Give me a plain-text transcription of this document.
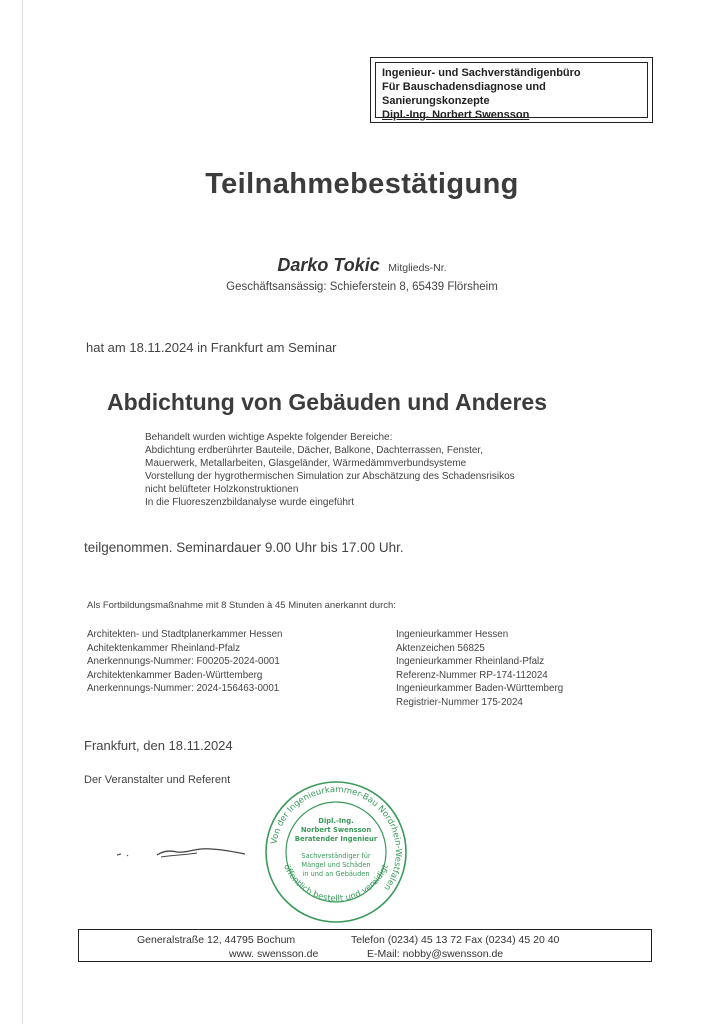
Ingenieur- und Sachverständigenbüro
Für Bauschadensdiagnose und
Sanierungskonzepte
Dipl.-Ing. Norbert Swensson
Teilnahmebestätigung
Darko Tokic Mitglieds-Nr.
Geschäftsansässig: Schieferstein 8, 65439 Flörsheim
hat am 18.11.2024 in Frankfurt am Seminar
Abdichtung von Gebäuden und Anderes
Behandelt wurden wichtige Aspekte folgender Bereiche:
Abdichtung erdberührter Bauteile, Dächer, Balkone, Dachterrassen, Fenster,
Mauerwerk, Metallarbeiten, Glasgeländer, Wärmedämmverbundsysteme
Vorstellung der hygrothermischen Simulation zur Abschätzung des Schadensrisikos
nicht belüfteter Holzkonstruktionen
In die Fluoreszenzbildanalyse wurde eingeführt
teilgenommen. Seminardauer 9.00 Uhr bis 17.00 Uhr.
Als Fortbildungsmaßnahme mit 8 Stunden à 45 Minuten anerkannt durch:
Architekten- und Stadtplanerkammer Hessen
Achitektenkammer Rheinland-Pfalz
Anerkennungs-Nummer: F00205-2024-0001
Architektenkammer Baden-Württemberg
Anerkennungs-Nummer: 2024-156463-0001
Ingenieurkammer Hessen
Aktenzeichen 56825
Ingenieurkammer Rheinland-Pfalz
Referenz-Nummer RP-174-112024
Ingenieurkammer Baden-Württemberg
Registrier-Nummer 175-2024
Frankfurt, den 18.11.2024
Der Veranstalter und Referent
Von der Ingenieurkammer-Bau Nordrhein-Westfalen
öffentlich bestellt und vereidigt
Dipl.-Ing.
Norbert Swensson
Beratender Ingenieur
Sachverständiger für
Mängel und Schäden
in und an Gebäuden
Generalstraße 12, 44795 Bochum
www. swensson.de
Telefon (0234) 45 13 72 Fax (0234) 45 20 40
E-Mail: nobby@swensson.de
